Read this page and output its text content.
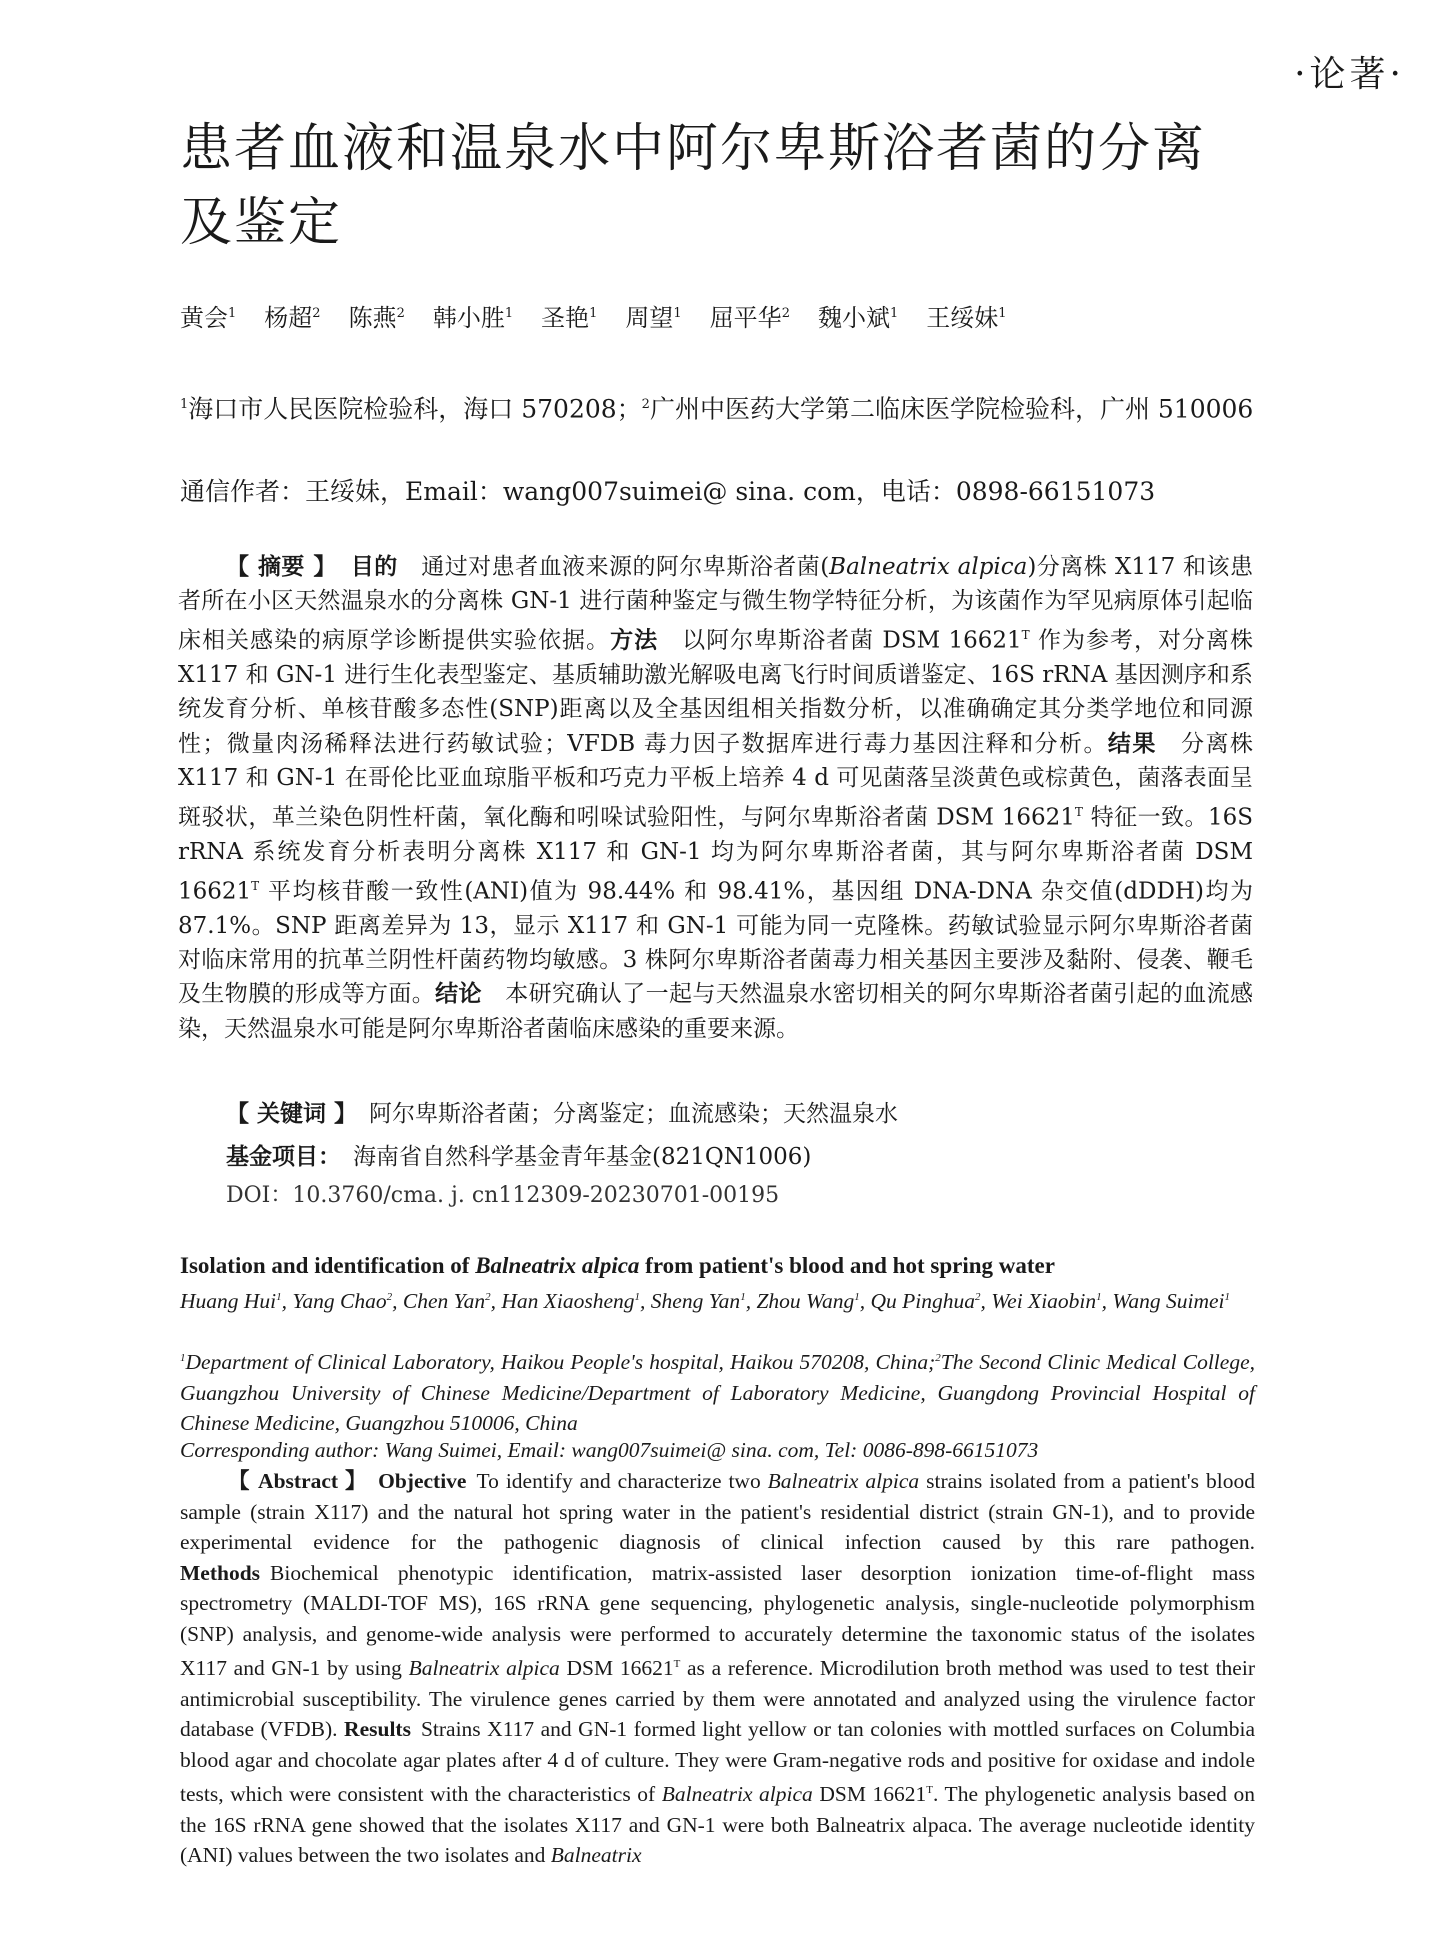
·论著·
患者血液和温泉水中阿尔卑斯浴者菌的分离及鉴定
黄会$^1$ 杨超$^2$ 陈燕$^2$ 韩小胜$^1$ 圣艳$^1$ 周望$^1$ 屈平华$^2$ 魏小斌$^1$ 王绥妹$^1$
$^1$海口市人民医院检验科，海口 570208；$^2$广州中医药大学第二临床医学院检验科，广州 510006
通信作者：王绥妹，Email：wang007suimei@ sina. com，电话：0898-66151073

【 摘要 】 目的  通过对患者血液来源的阿尔卑斯浴者菌(Balneatrix alpica)分离株 X117 和该患者所在小区天然温泉水的分离株 GN-1 进行菌种鉴定与微生物学特征分析，为该菌作为罕见病原体引起临床相关感染的病原学诊断提供实验依据。方法  以阿尔卑斯浴者菌 DSM $16621^T$ 作为参考，对分离株 X117 和 GN-1 进行生化表型鉴定、基质辅助激光解吸电离飞行时间质谱鉴定、16S rRNA 基因测序和系统发育分析、单核苷酸多态性(SNP)距离以及全基因组相关指数分析，以准确确定其分类学地位和同源性；微量肉汤稀释法进行药敏试验；VFDB 毒力因子数据库进行毒力基因注释和分析。结果  分离株 X117 和 GN-1 在哥伦比亚血琼脂平板和巧克力平板上培养 4 d 可见菌落呈淡黄色或棕黄色，菌落表面呈斑驳状，革兰染色阴性杆菌，氧化酶和吲哚试验阳性，与阿尔卑斯浴者菌 DSM $16621^T$ 特征一致。16S rRNA 系统发育分析表明分离株 X117 和 GN-1 均为阿尔卑斯浴者菌，其与阿尔卑斯浴者菌 DSM $16621^T$ 平均核苷酸一致性(ANI)值为 98.44% 和 98.41%，基因组 DNA-DNA 杂交值(dDDH)均为 87.1%。SNP 距离差异为 13，显示 X117 和 GN-1 可能为同一克隆株。药敏试验显示阿尔卑斯浴者菌对临床常用的抗革兰阴性杆菌药物均敏感。3 株阿尔卑斯浴者菌毒力相关基因主要涉及黏附、侵袭、鞭毛及生物膜的形成等方面。结论  本研究确认了一起与天然温泉水密切相关的阿尔卑斯浴者菌引起的血流感染，天然温泉水可能是阿尔卑斯浴者菌临床感染的重要来源。

【 关键词 】 阿尔卑斯浴者菌；分离鉴定；血流感染；天然温泉水
基金项目： 海南省自然科学基金青年基金(821QN1006)
DOI：10.3760/cma. j. cn112309-20230701-00195
Isolation and identification of Balneatrix alpica from patient's blood and hot spring water
Huang Hui$^1$, Yang Chao$^2$, Chen Yan$^2$, Han Xiaosheng$^1$, Sheng Yan$^1$, Zhou Wang$^1$, Qu Pinghua$^2$, Wei Xiaobin$^1$, Wang Suimei$^1$
$^1$Department of Clinical Laboratory, Haikou People's hospital, Haikou 570208, China;$^2$The Second Clinic Medical College, Guangzhou University of Chinese Medicine/Department of Laboratory Medicine, Guangdong Provincial Hospital of Chinese Medicine, Guangzhou 510006, China
Corresponding author: Wang Suimei, Email: wang007suimei@ sina. com, Tel: 0086-898-66151073

【 Abstract 】 Objective To identify and characterize two Balneatrix alpica strains isolated from a patient's blood sample (strain X117) and the natural hot spring water in the patient's residential district (strain GN-1), and to provide experimental evidence for the pathogenic diagnosis of clinical infection caused by this rare pathogen. Methods Biochemical phenotypic identification, matrix-assisted laser desorption ionization time-of-flight mass spectrometry (MALDI-TOF MS), 16S rRNA gene sequencing, phylogenetic analysis, single-nucleotide polymorphism (SNP) analysis, and genome-wide analysis were performed to accurately determine the taxonomic status of the isolates X117 and GN-1 by using Balneatrix alpica DSM $16621^T$ as a reference. Microdilution broth method was used to test their antimicrobial susceptibility. The virulence genes carried by them were annotated and analyzed using the virulence factor database (VFDB). Results Strains X117 and GN-1 formed light yellow or tan colonies with mottled surfaces on Columbia blood agar and chocolate agar plates after 4 d of culture. They were Gram-negative rods and positive for oxidase and indole tests, which were consistent with the characteristics of Balneatrix alpica DSM $16621^T$. The phylogenetic analysis based on the 16S rRNA gene showed that the isolates X117 and GN-1 were both Balneatrix alpaca. The average nucleotide identity (ANI) values between the two isolates and Balneatrix
